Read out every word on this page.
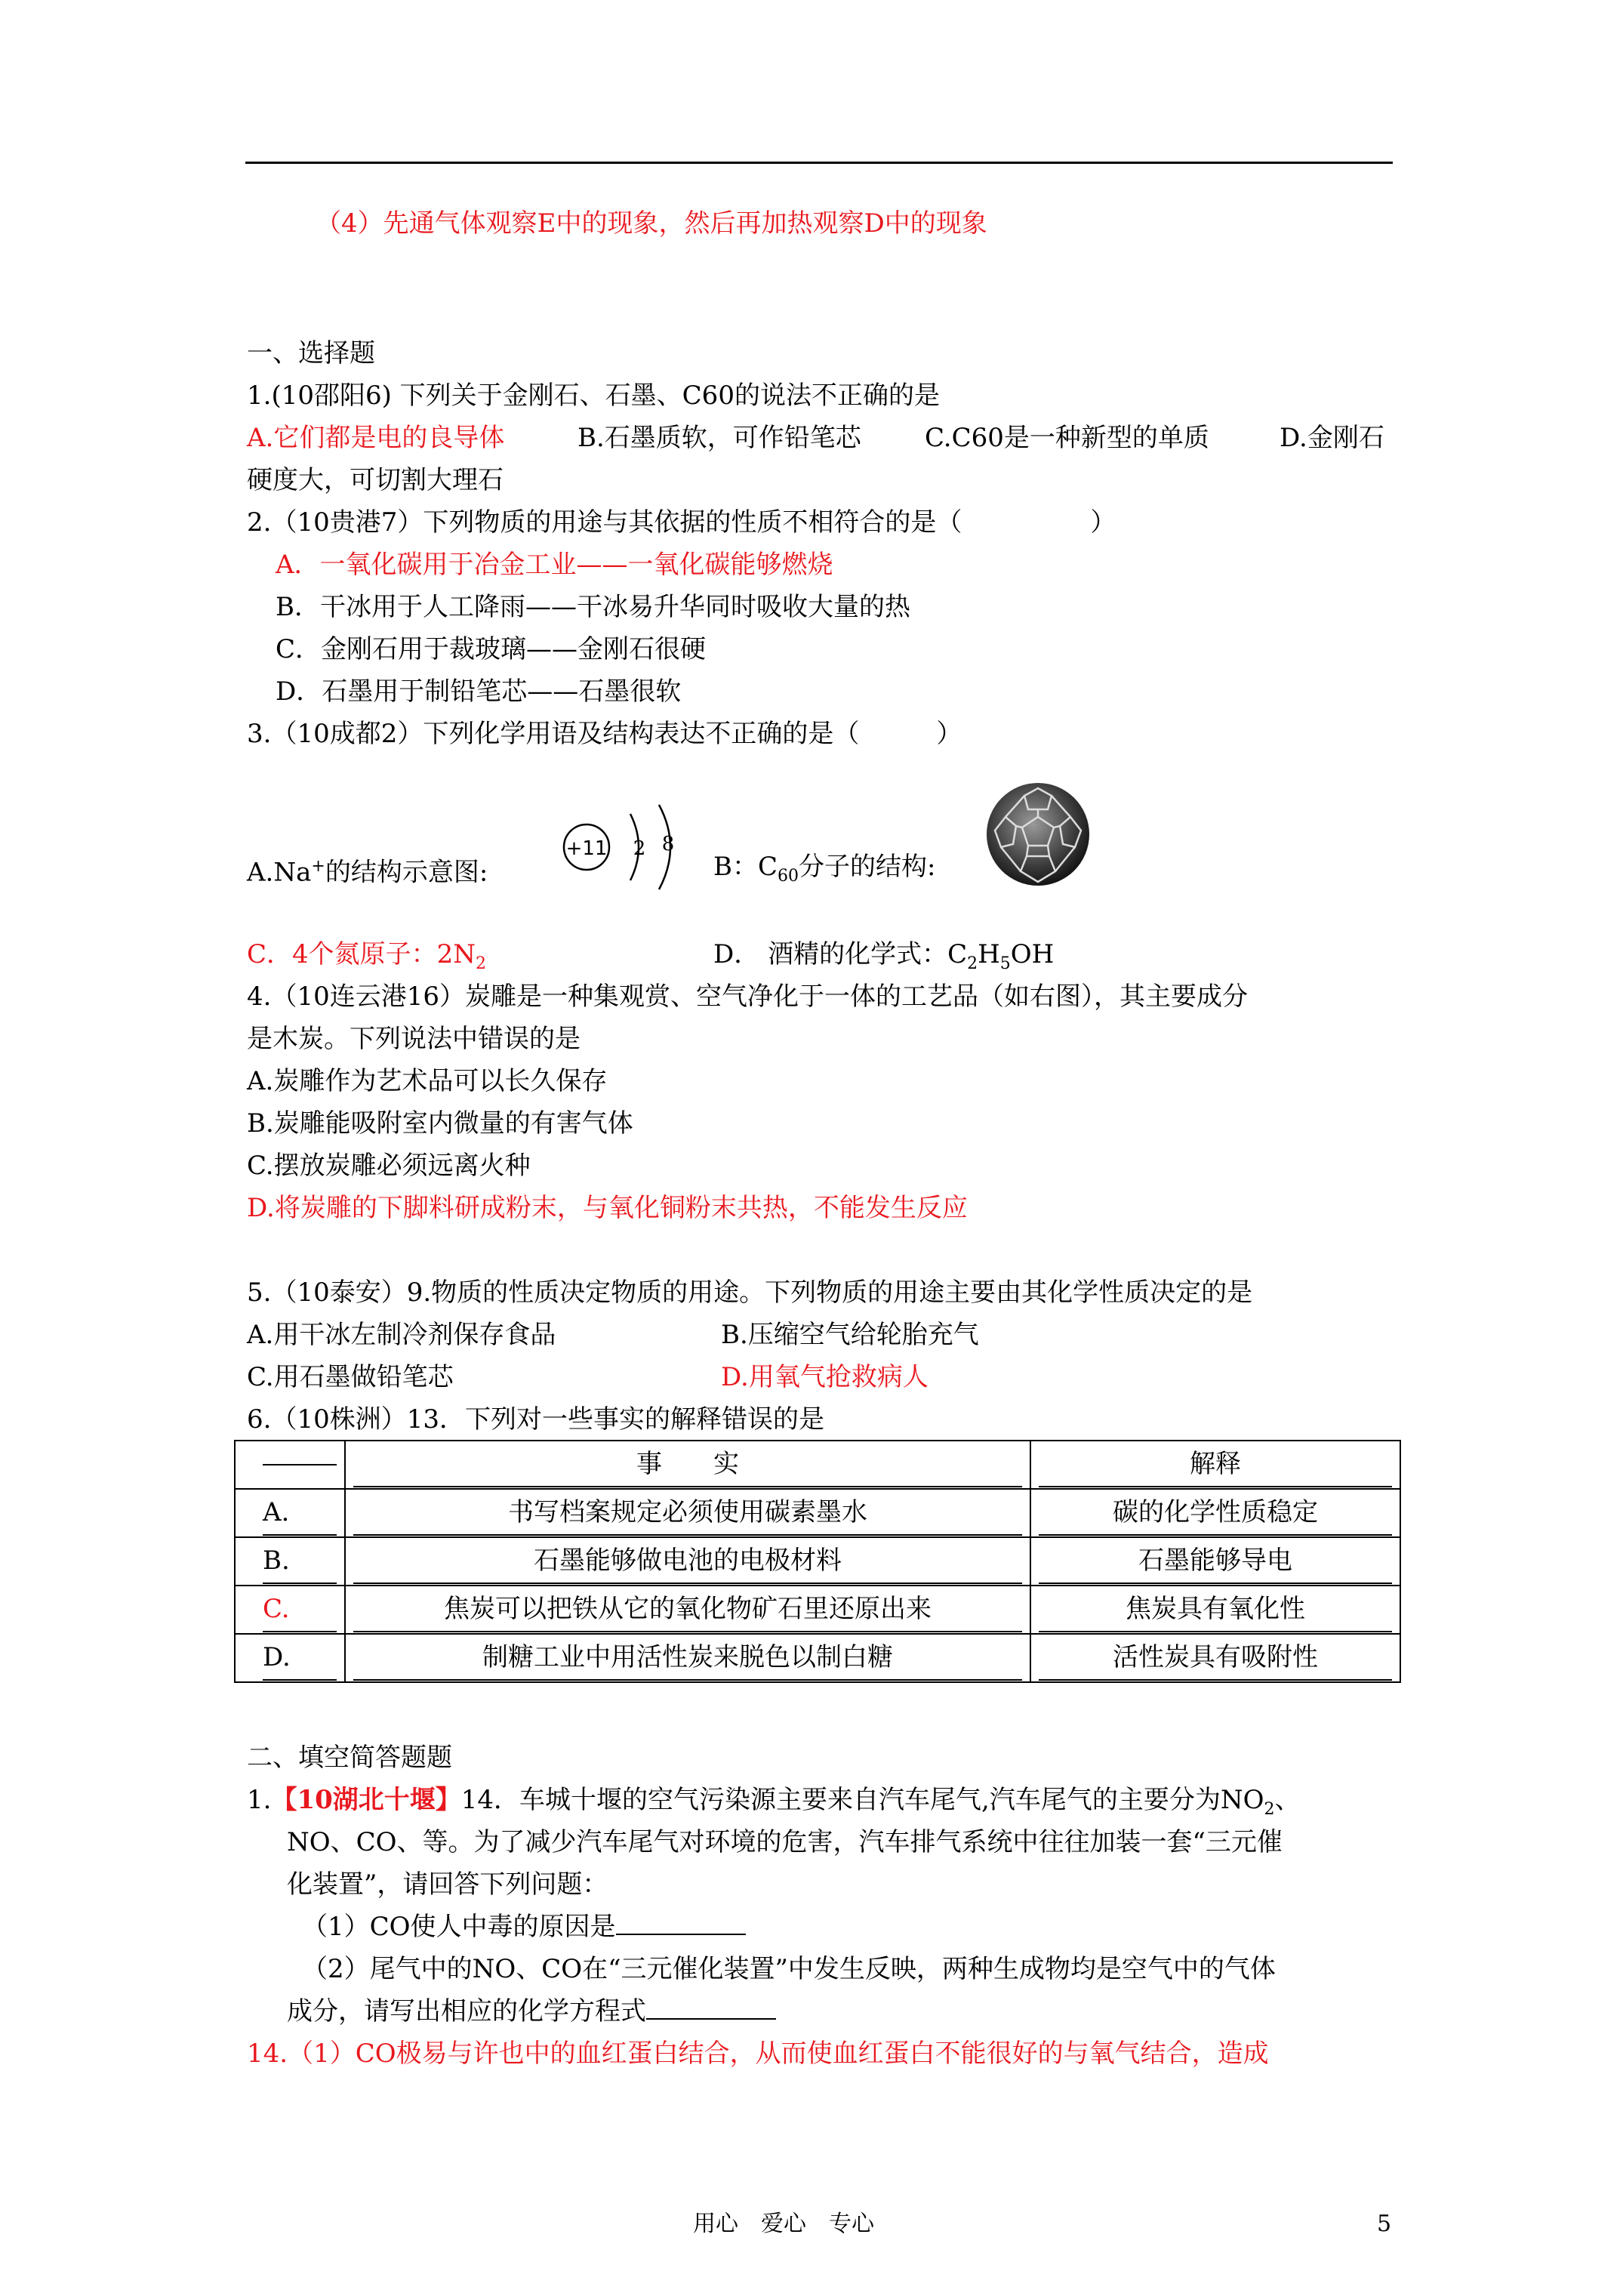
（4）先通气体观察E中的现象，然后再加热观察D中的现象
一、选择题
1.(10邵阳6) 下列关于金刚石、石墨、C60的说法不正确的是
A.它们都是电的良导体	B.石墨质软，可作铅笔芯 C.C60是一种新型的单质	D.金刚石
硬度大，可切割大理石
2.（10贵港7）下列物质的用途与其依据的性质不相符合的是（　　　　　）
A．一氧化碳用于冶金工业——一氧化碳能够燃烧
B．干冰用于人工降雨——干冰易升华同时吸收大量的热
C．金刚石用于裁玻璃——金刚石很硬
D．石墨用于制铅笔芯——石墨很软
3.（10成都2）下列化学用语及结构表达不正确的是（　　　）
A.Na+的结构示意图:
+11 2 8
B：$C_{60}$分子的结构:
C．4个氮原子：$2N_2$	D． 酒精的化学式：$C_2H_5OH$
4.（10连云港16）炭雕是一种集观赏、空气净化于一体的工艺品（如右图），其主要成分
是木炭。下列说法中错误的是
A.炭雕作为艺术品可以长久保存
B.炭雕能吸附室内微量的有害气体
C.摆放炭雕必须远离火种
D.将炭雕的下脚料研成粉末，与氧化铜粉末共热，不能发生反应
5.（10泰安）9.物质的性质决定物质的用途。下列物质的用途主要由其化学性质决定的是
A.用干冰左制冷剂保存食品	B.压缩空气给轮胎充气
C.用石墨做铅笔芯	D.用氧气抢救病人
6.（10株洲）13．下列对一些事实的解释错误的是

	事　　实	解释

A.	书写档案规定必须使用碳素墨水	碳的化学性质稳定

B.	石墨能够做电池的电极材料	石墨能够导电

C.	焦炭可以把铁从它的氧化物矿石里还原出来	焦炭具有氧化性

D.	制糖工业中用活性炭来脱色以制白糖	活性炭具有吸附性
二、填空简答题题
1.【10湖北十堰】14．车城十堰的空气污染源主要来自汽车尾气,汽车尾气的主要分为$NO_2$、
NO、CO、等。为了减少汽车尾气对环境的危害，汽车排气系统中往往加装一套“三元催
化装置”，请回答下列问题：
（1）CO使人中毒的原因是
（2）尾气中的NO、CO在“三元催化装置”中发生反映，两种生成物均是空气中的气体
成分，请写出相应的化学方程式
14.（1）CO极易与许也中的血红蛋白结合，从而使血红蛋白不能很好的与氧气结合，造成
用心　爱心　专心	5
